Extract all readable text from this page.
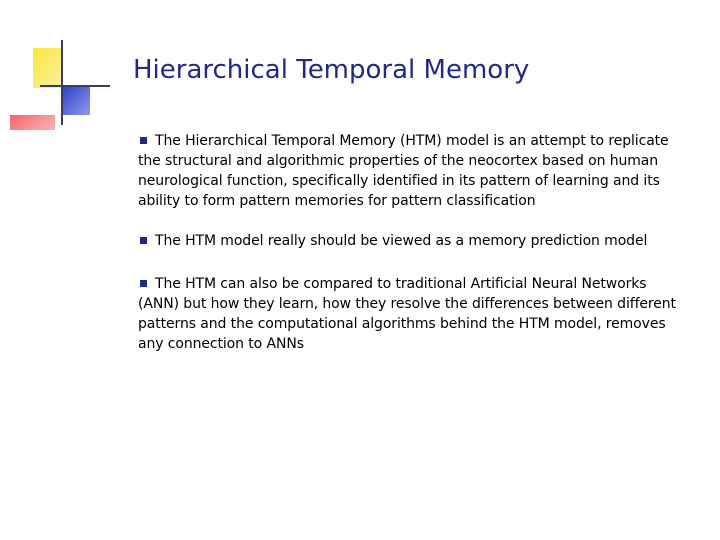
Hierarchical Temporal Memory
The Hierarchical Temporal Memory (HTM) model is an attempt to replicate the structural and algorithmic properties of the neocortex based on human neurological function, specifically identified in its pattern of learning and its ability to form pattern memories for pattern classification
The HTM model really should be viewed as a memory prediction model
The HTM can also be compared to traditional Artificial Neural Networks (ANN) but how they learn, how they resolve the differences between different patterns and the computational algorithms behind the HTM model, removes any connection to ANNs
